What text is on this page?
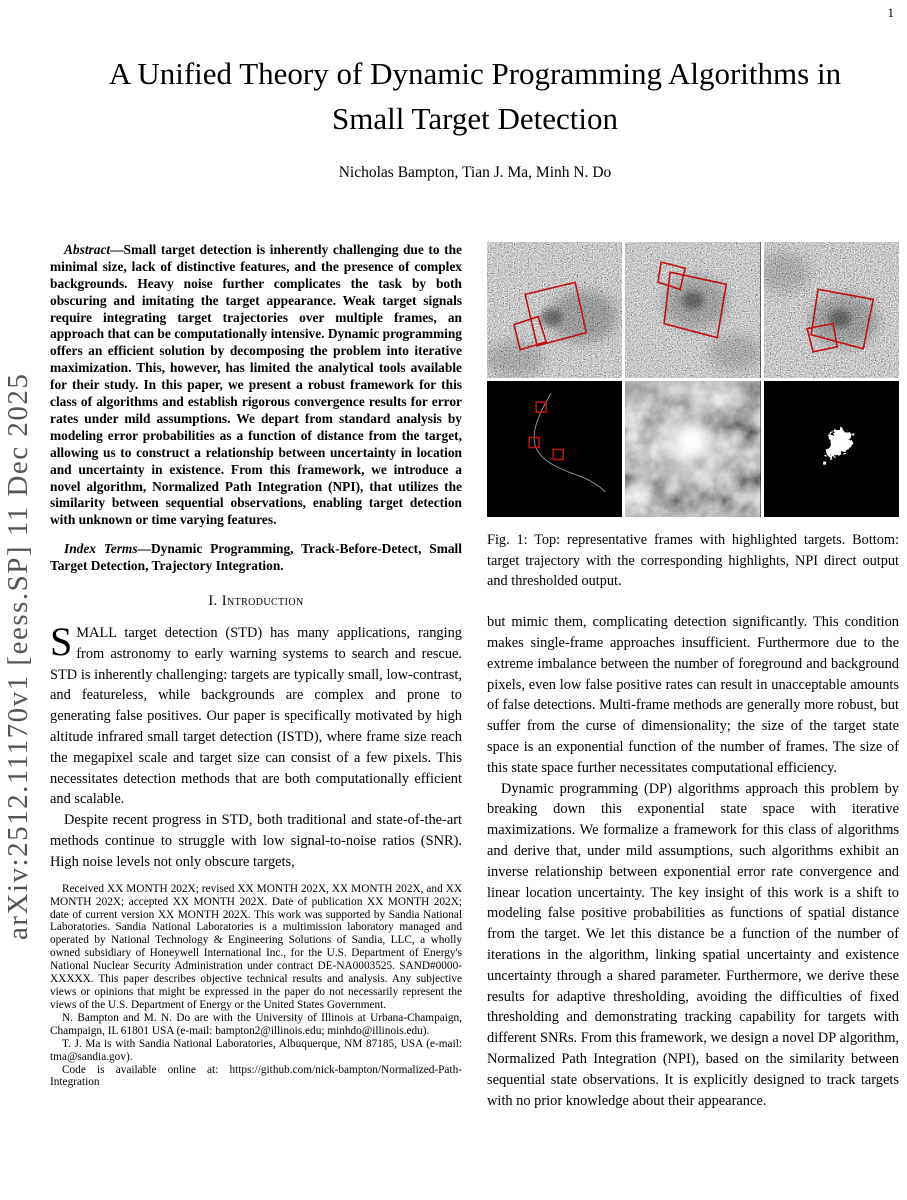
1
arXiv:2512.11170v1 [eess.SP] 11 Dec 2025
A Unified Theory of Dynamic Programming Algorithms in Small Target Detection
Nicholas Bampton, Tian J. Ma, Minh N. Do

Abstract—Small target detection is inherently challenging due to the minimal size, lack of distinctive features, and the presence of complex backgrounds. Heavy noise further complicates the task by both obscuring and imitating the target appearance. Weak target signals require integrating target trajectories over multiple frames, an approach that can be computationally intensive. Dynamic programming offers an efficient solution by decomposing the problem into iterative maximization. This, however, has limited the analytical tools available for their study. In this paper, we present a robust framework for this class of algorithms and establish rigorous convergence results for error rates under mild assumptions. We depart from standard analysis by modeling error probabilities as a function of distance from the target, allowing us to construct a relationship between uncertainty in location and uncertainty in existence. From this framework, we introduce a novel algorithm, Normalized Path Integration (NPI), that utilizes the similarity between sequential observations, enabling target detection with unknown or time varying features.

Index Terms—Dynamic Programming, Track-Before-Detect, Small Target Detection, Trajectory Integration.

I. Introduction

SMALL target detection (STD) has many applications, ranging from astronomy to early warning systems to search and rescue. STD is inherently challenging: targets are typically small, low-contrast, and featureless, while backgrounds are complex and prone to generating false positives. Our paper is specifically motivated by high altitude infrared small target detection (ISTD), where frame size reach the megapixel scale and target size can consist of a few pixels. This necessitates detection methods that are both computationally efficient and scalable.

Despite recent progress in STD, both traditional and state-of-the-art methods continue to struggle with low signal-to-noise ratios (SNR). High noise levels not only obscure targets,

Received XX MONTH 202X; revised XX MONTH 202X, XX MONTH 202X, and XX MONTH 202X; accepted XX MONTH 202X. Date of publication XX MONTH 202X; date of current version XX MONTH 202X. This work was supported by Sandia National Laboratories. Sandia National Laboratories is a multimission laboratory managed and operated by National Technology & Engineering Solutions of Sandia, LLC, a wholly owned subsidiary of Honeywell International Inc., for the U.S. Department of Energy's National Nuclear Security Administration under contract DE-NA0003525. SAND#0000-XXXXX. This paper describes objective technical results and analysis. Any subjective views or opinions that might be expressed in the paper do not necessarily represent the views of the U.S. Department of Energy or the United States Government.

N. Bampton and M. N. Do are with the University of Illinois at Urbana-Champaign, Champaign, IL 61801 USA (e-mail: bampton2@illinois.edu; minhdo@illinois.edu).

T. J. Ma is with Sandia National Laboratories, Albuquerque, NM 87185, USA (e-mail: tma@sandia.gov).

Code is available online at: https://github.com/nick-bampton/Normalized-Path-Integration

Fig. 1: Top: representative frames with highlighted targets. Bottom: target trajectory with the corresponding highlights, NPI direct output and thresholded output.

but mimic them, complicating detection significantly. This condition makes single-frame approaches insufficient. Furthermore due to the extreme imbalance between the number of foreground and background pixels, even low false positive rates can result in unacceptable amounts of false detections. Multi-frame methods are generally more robust, but suffer from the curse of dimensionality; the size of the target state space is an exponential function of the number of frames. The size of this state space further necessitates computational efficiency.

Dynamic programming (DP) algorithms approach this problem by breaking down this exponential state space with iterative maximizations. We formalize a framework for this class of algorithms and derive that, under mild assumptions, such algorithms exhibit an inverse relationship between exponential error rate convergence and linear location uncertainty. The key insight of this work is a shift to modeling false positive probabilities as functions of spatial distance from the target. We let this distance be a function of the number of iterations in the algorithm, linking spatial uncertainty and existence uncertainty through a shared parameter. Furthermore, we derive these results for adaptive thresholding, avoiding the difficulties of fixed thresholding and demonstrating tracking capability for targets with different SNRs. From this framework, we design a novel DP algorithm, Normalized Path Integration (NPI), based on the similarity between sequential state observations. It is explicitly designed to track targets with no prior knowledge about their appearance.
